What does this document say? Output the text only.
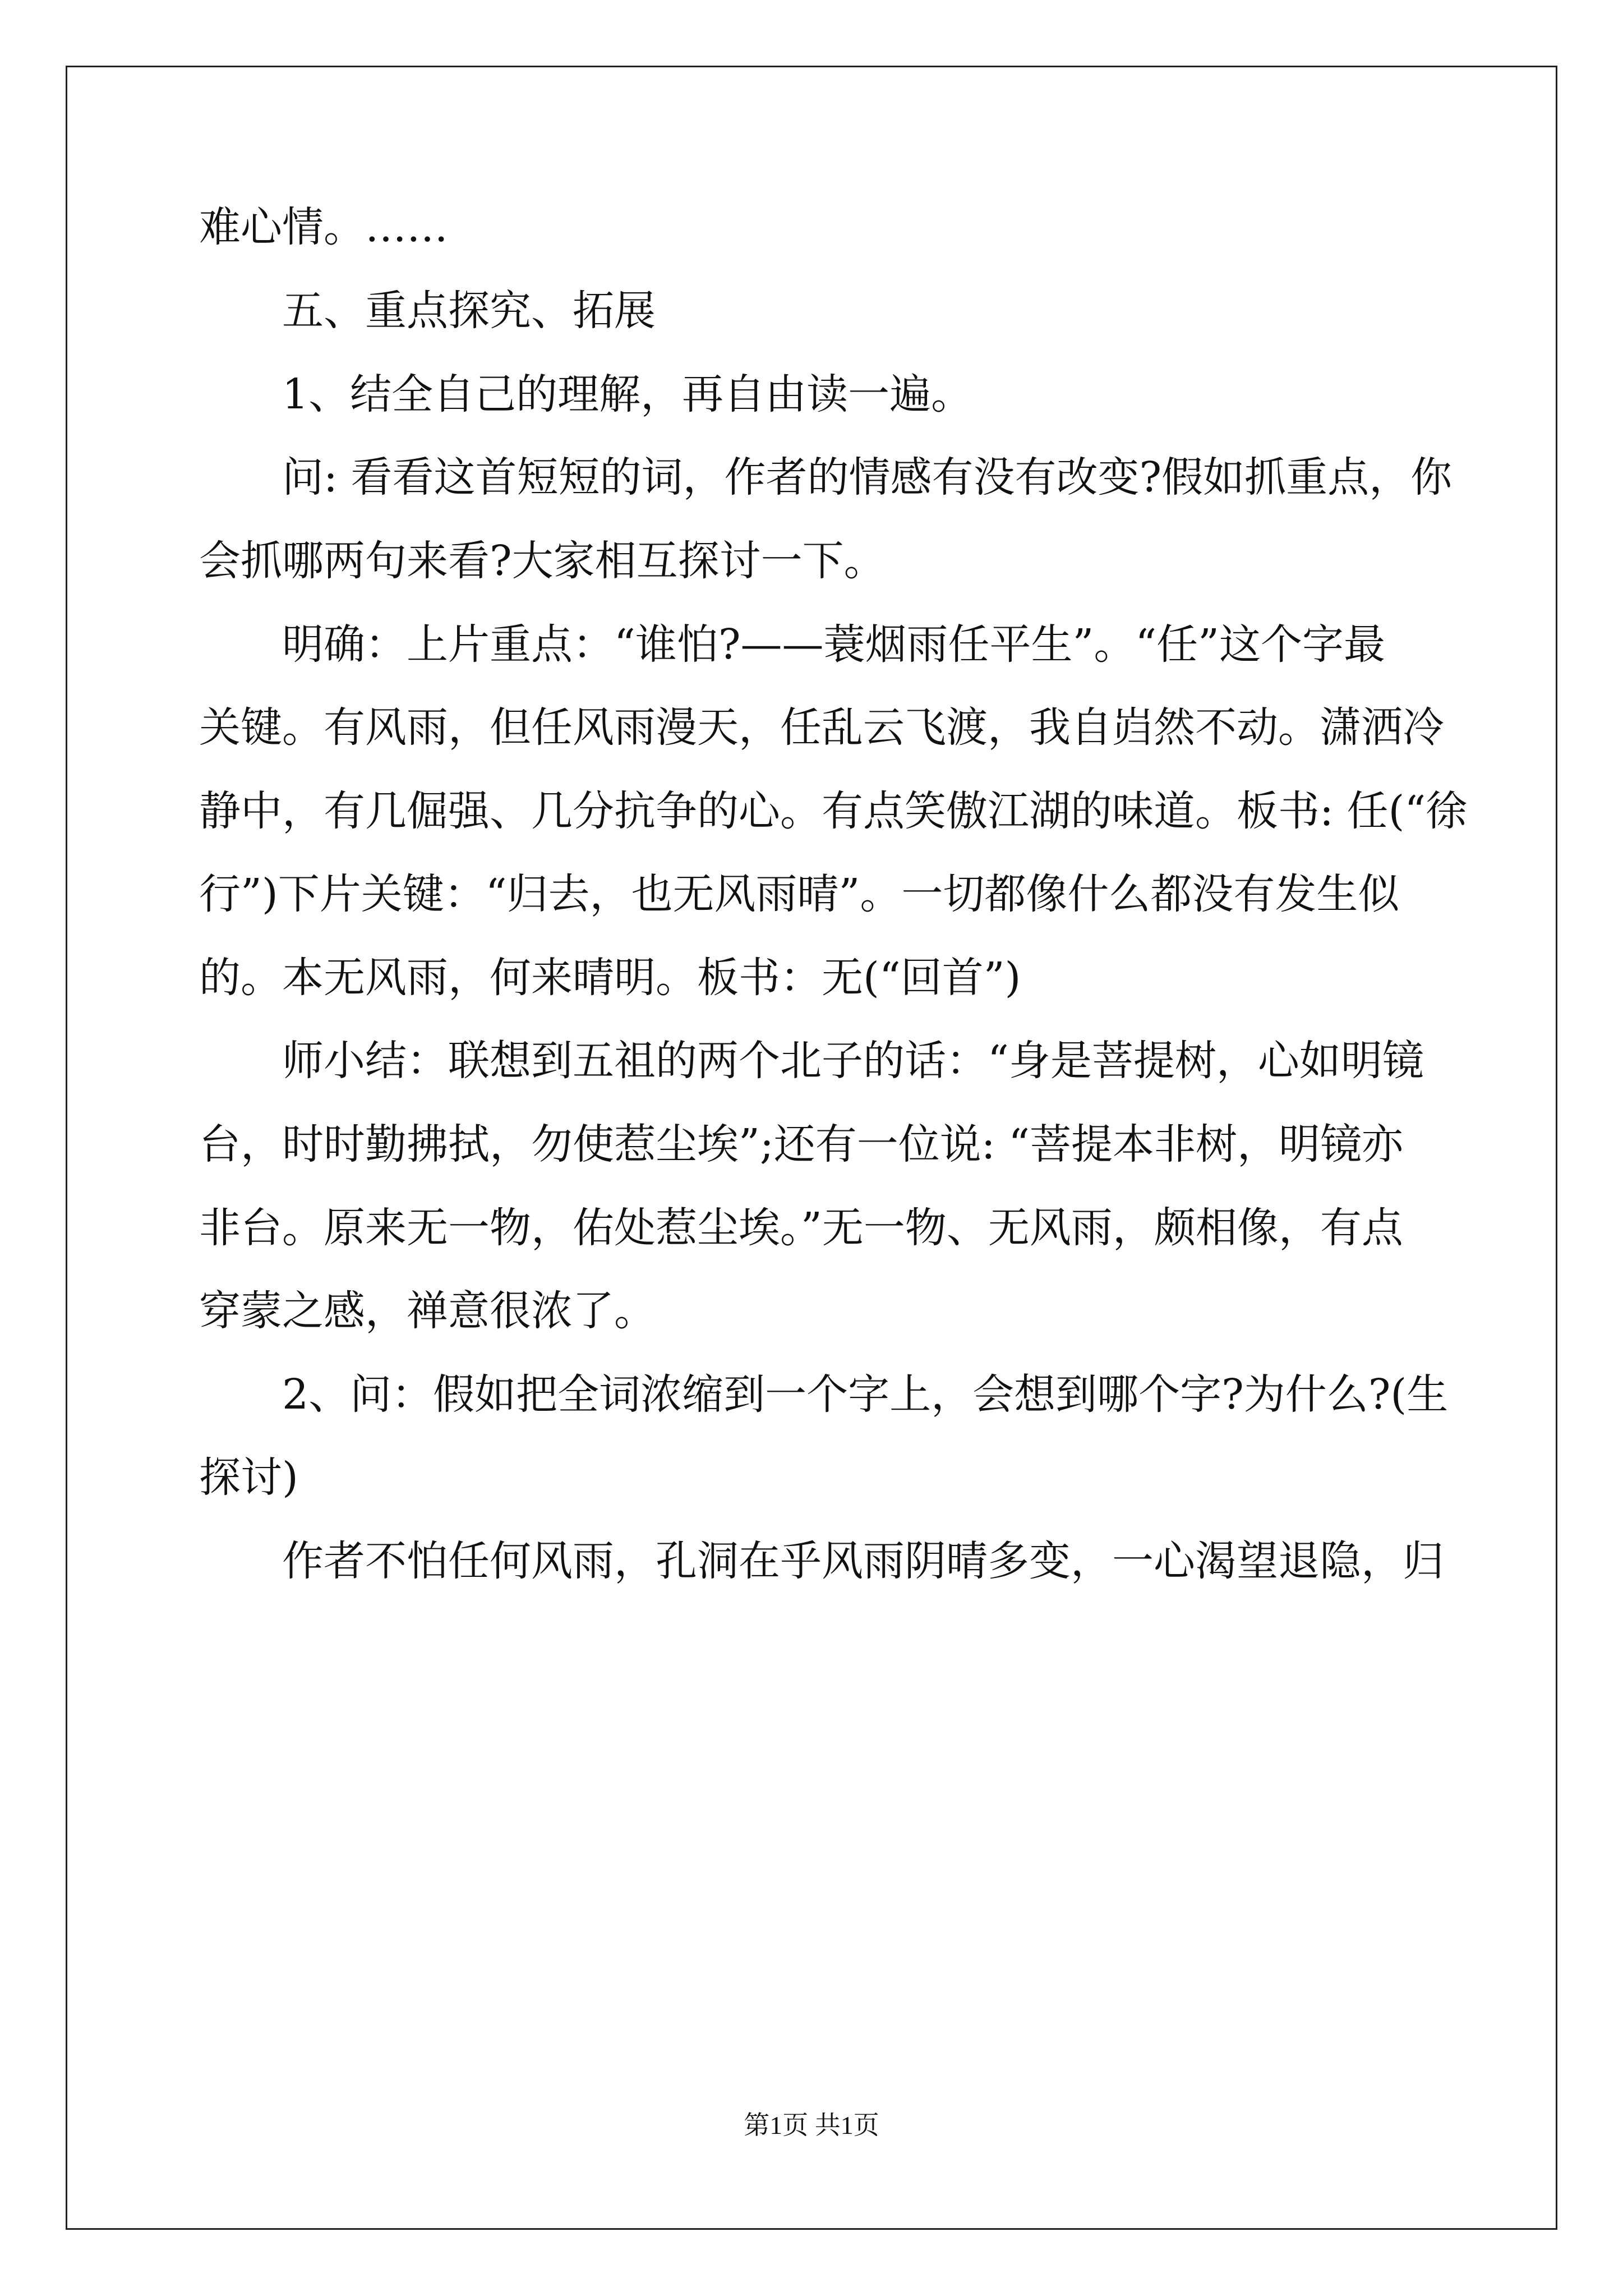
难心情。……
五、重点探究、拓展
1、结全自己的理解，再自由读一遍。
问: 看看这首短短的词，作者的情感有没有改变?假如抓重点，你
会抓哪两句来看?大家相互探讨一下。
明确：上片重点：“谁怕?——蓑烟雨任平生”。“任”这个字最
关键。有风雨，但任风雨漫天，任乱云飞渡，我自岿然不动。潇洒冷
静中，有几倔强、几分抗争的心。有点笑傲江湖的味道。板书: 任(“徐
行”)下片关键：“归去，也无风雨晴”。一切都像什么都没有发生似
的。本无风雨，何来晴明。板书：无(“回首”)
师小结：联想到五祖的两个北子的话：“身是菩提树，心如明镜
台，时时勤拂拭，勿使惹尘埃”;还有一位说: “菩提本非树，明镜亦
非台。原来无一物，佑处惹尘埃。”无一物、无风雨，颇相像，有点
穿蒙之感，禅意很浓了。
2、问：假如把全词浓缩到一个字上，会想到哪个字?为什么?(生
探讨)
作者不怕任何风雨，孔洞在乎风雨阴晴多变，一心渴望退隐，归
第1页 共1页
